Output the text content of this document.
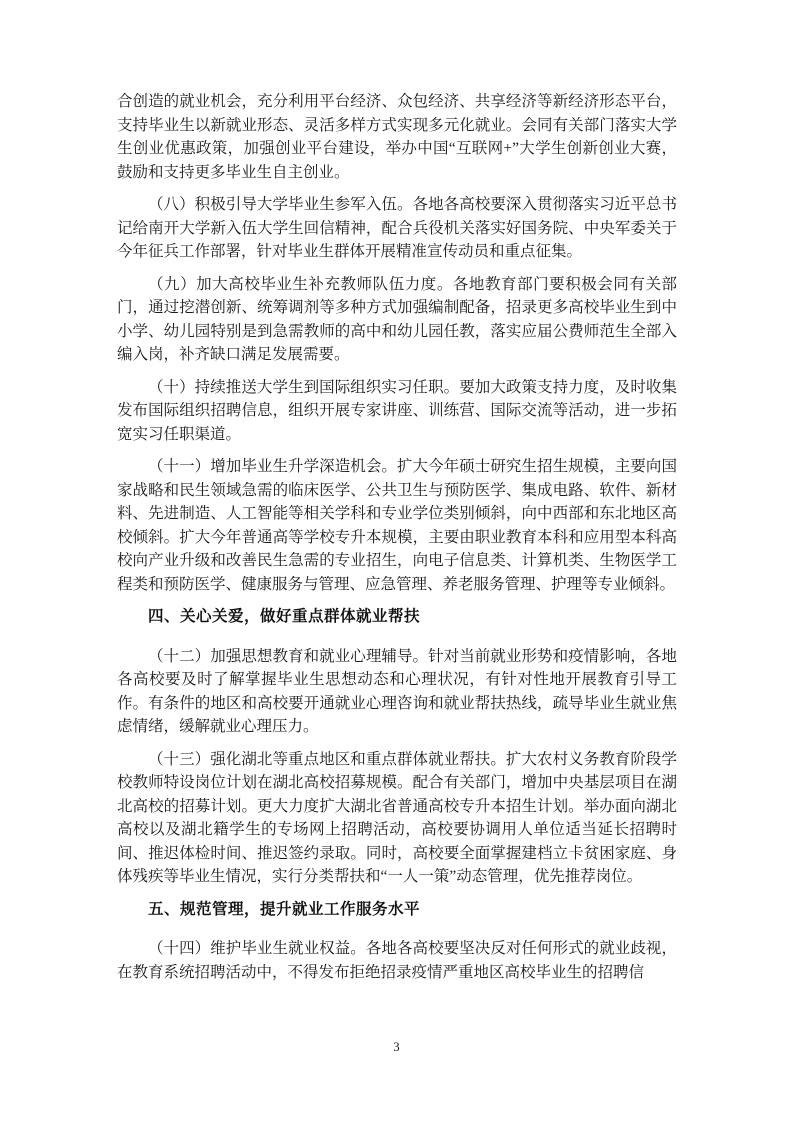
合创造的就业机会，充分利用平台经济、众包经济、共享经济等新经济形态平台，支持毕业生以新就业形态、灵活多样方式实现多元化就业。会同有关部门落实大学生创业优惠政策，加强创业平台建设，举办中国“互联网+”大学生创新创业大赛，鼓励和支持更多毕业生自主创业。

（八）积极引导大学毕业生参军入伍。各地各高校要深入贯彻落实习近平总书记给南开大学新入伍大学生回信精神，配合兵役机关落实好国务院、中央军委关于今年征兵工作部署，针对毕业生群体开展精准宣传动员和重点征集。

（九）加大高校毕业生补充教师队伍力度。各地教育部门要积极会同有关部门，通过挖潜创新、统筹调剂等多种方式加强编制配备，招录更多高校毕业生到中小学、幼儿园特别是到急需教师的高中和幼儿园任教，落实应届公费师范生全部入编入岗，补齐缺口满足发展需要。

（十）持续推送大学生到国际组织实习任职。要加大政策支持力度，及时收集发布国际组织招聘信息，组织开展专家讲座、训练营、国际交流等活动，进一步拓宽实习任职渠道。

（十一）增加毕业生升学深造机会。扩大今年硕士研究生招生规模，主要向国家战略和民生领域急需的临床医学、公共卫生与预防医学、集成电路、软件、新材料、先进制造、人工智能等相关学科和专业学位类别倾斜，向中西部和东北地区高校倾斜。扩大今年普通高等学校专升本规模，主要由职业教育本科和应用型本科高校向产业升级和改善民生急需的专业招生，向电子信息类、计算机类、生物医学工程类和预防医学、健康服务与管理、应急管理、养老服务管理、护理等专业倾斜。

四、关心关爱，做好重点群体就业帮扶

（十二）加强思想教育和就业心理辅导。针对当前就业形势和疫情影响，各地各高校要及时了解掌握毕业生思想动态和心理状况，有针对性地开展教育引导工作。有条件的地区和高校要开通就业心理咨询和就业帮扶热线，疏导毕业生就业焦虑情绪，缓解就业心理压力。

（十三）强化湖北等重点地区和重点群体就业帮扶。扩大农村义务教育阶段学校教师特设岗位计划在湖北高校招募规模。配合有关部门，增加中央基层项目在湖北高校的招募计划。更大力度扩大湖北省普通高校专升本招生计划。举办面向湖北高校以及湖北籍学生的专场网上招聘活动，高校要协调用人单位适当延长招聘时间、推迟体检时间、推迟签约录取。同时，高校要全面掌握建档立卡贫困家庭、身体残疾等毕业生情况，实行分类帮扶和“一人一策”动态管理，优先推荐岗位。

五、规范管理，提升就业工作服务水平

（十四）维护毕业生就业权益。各地各高校要坚决反对任何形式的就业歧视，在教育系统招聘活动中，不得发布拒绝招录疫情严重地区高校毕业生的招聘信

3
